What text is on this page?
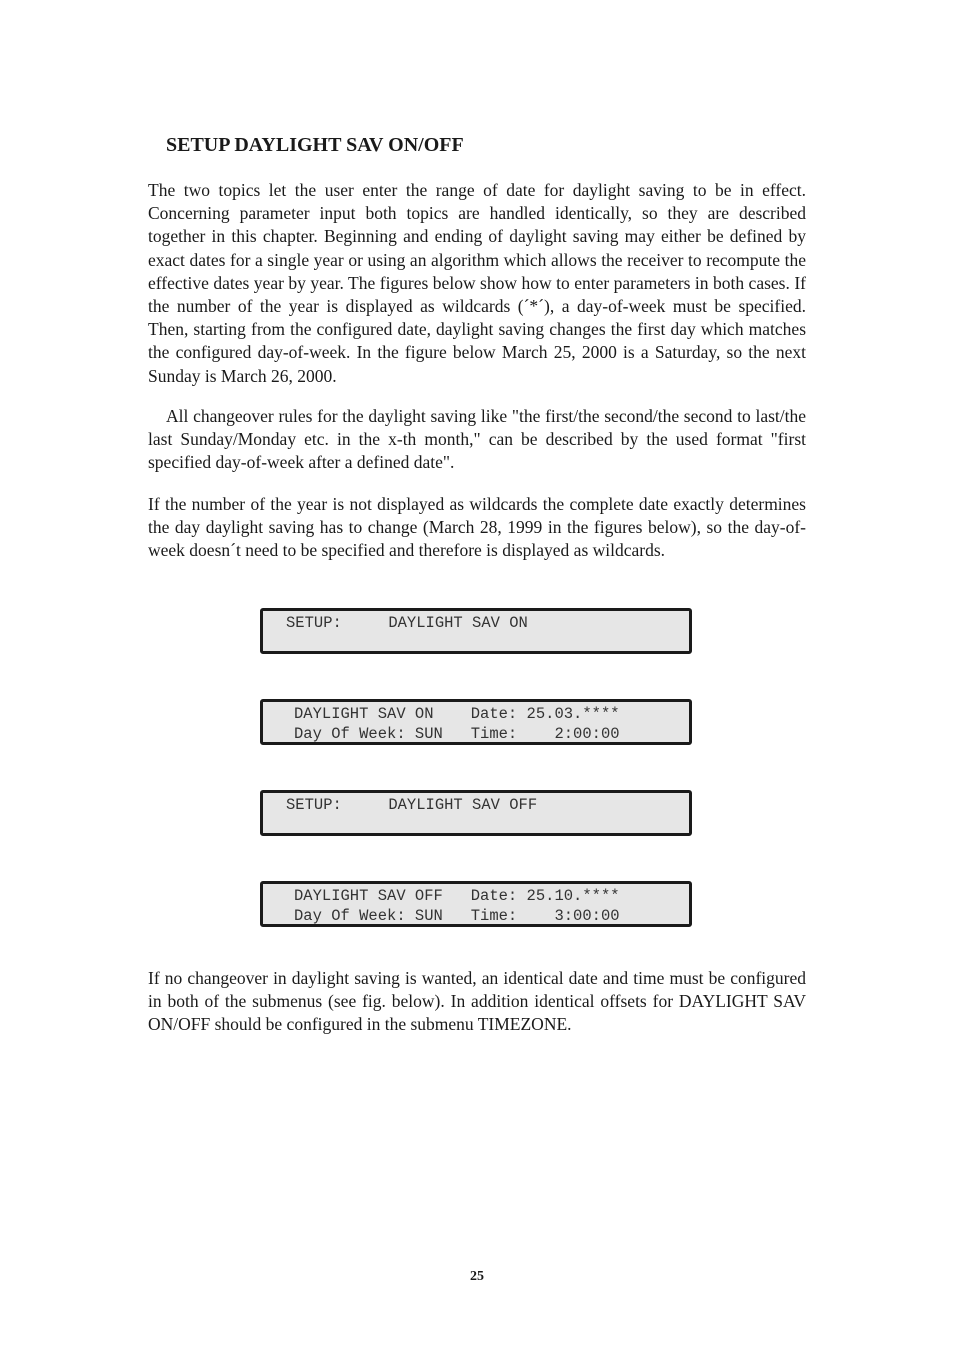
SETUP DAYLIGHT SAV ON/OFF

The two topics let the user enter the range of date for daylight saving to be in effect. Concerning parameter input both topics are handled identically, so they are described together in this chapter. Beginning and ending of daylight saving may either be defined by exact dates for a single year or using an algorithm which allows the receiver to recompute the effective dates year by year. The figures below show how to enter parameters in both cases. If the number of the year is displayed as wildcards (´*´), a day-of-week must be specified. Then, starting from the configured date, daylight saving changes the first day which matches the configured day-of-week. In the figure below March 25, 2000 is a Saturday, so the next Sunday is March 26, 2000.

All changeover rules for the daylight saving like "the first/the second/the second to last/the last Sunday/Monday etc. in the x-th month," can be described by the used format "first specified day-of-week after a defined date".

If the number of the year is not displayed as wildcards the complete date exactly determines the day daylight saving has to change (March 28, 1999 in the figures below), so the day-of-week doesn´t need to be specified and therefore is displayed as wildcards.

SETUP:     DAYLIGHT SAV ON
DAYLIGHT SAV ON    Date: 25.03.****
Day Of Week: SUN   Time:    2:00:00
SETUP:     DAYLIGHT SAV OFF
DAYLIGHT SAV OFF   Date: 25.10.****
Day Of Week: SUN   Time:    3:00:00

If no changeover in daylight saving is wanted, an identical date and time must be configured in both of the submenus (see fig. below). In addition identical offsets for DAYLIGHT SAV ON/OFF should be configured in the submenu TIMEZONE.

25
